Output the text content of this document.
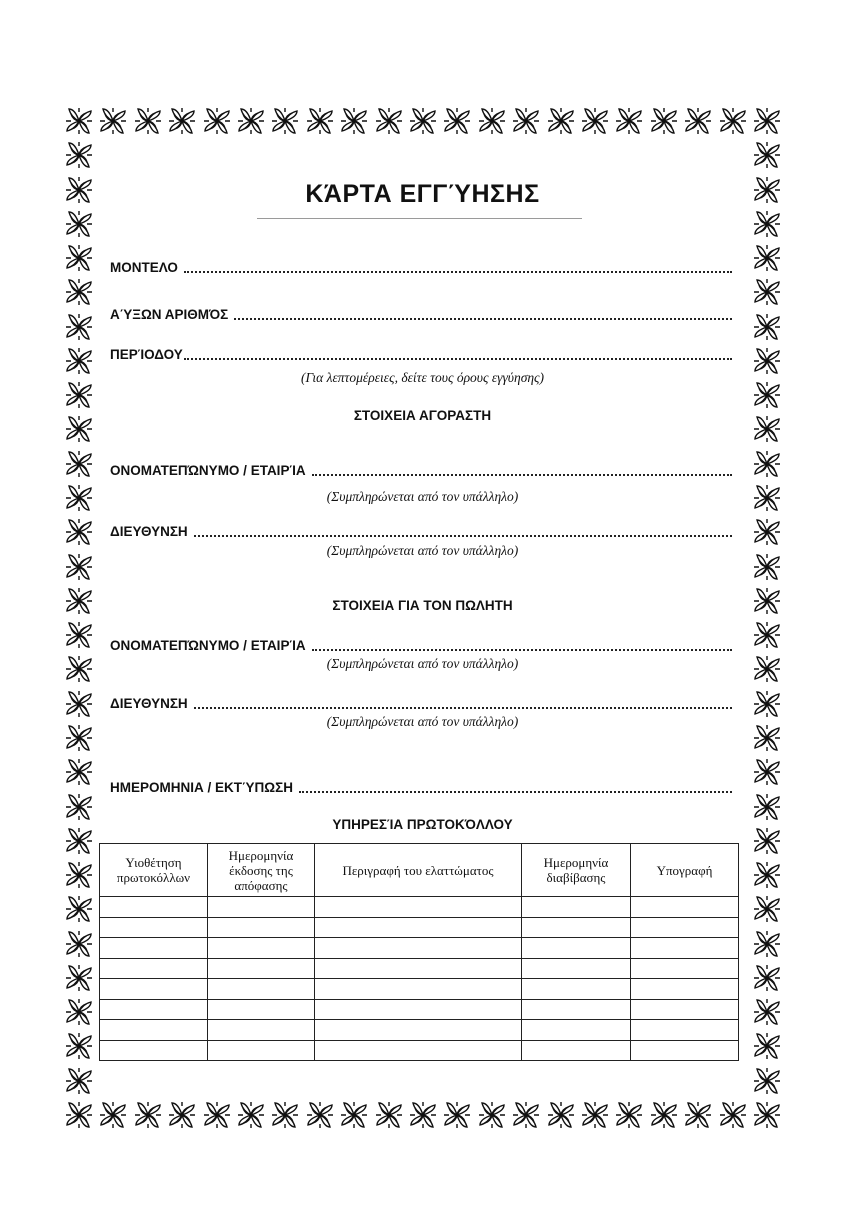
ΚΆΡΤΑ ΕΓΓΎΗΣΗΣ
ΜΟΝΤΕΛΟ
ΑΎΞΩΝ ΑΡΙΘΜΌΣ
ΠΕΡΊΟΔΟΥ
(Για λεπτομέρειες, δείτε τους όρους εγγύησης)
ΣΤΟΙΧΕΙΑ ΑΓΟΡΑΣΤΗ
ΟΝΟΜΑΤΕΠΏΝΥΜΟ / ΕΤΑΙΡΊΑ
(Συμπληρώνεται από τον υπάλληλο)
ΔΙΕΥΘΥΝΣΗ
(Συμπληρώνεται από τον υπάλληλο)
ΣΤΟΙΧΕΙΑ ΓΙΑ ΤΟΝ ΠΩΛΗΤΗ
ΟΝΟΜΑΤΕΠΏΝΥΜΟ / ΕΤΑΙΡΊΑ
(Συμπληρώνεται από τον υπάλληλο)
ΔΙΕΥΘΥΝΣΗ
(Συμπληρώνεται από τον υπάλληλο)
ΗΜΕΡΟΜΗΝΙΑ / ΕΚΤΎΠΩΣΗ
ΥΠΗΡΕΣΊΑ ΠΡΩΤΟΚΌΛΛΟΥ
Υιοθέτηση πρωτοκόλλων	Ημερομηνία έκδοσης της απόφασης	Περιγραφή του ελαττώματος	Ημερομηνία διαβίβασης	Υπογραφή
